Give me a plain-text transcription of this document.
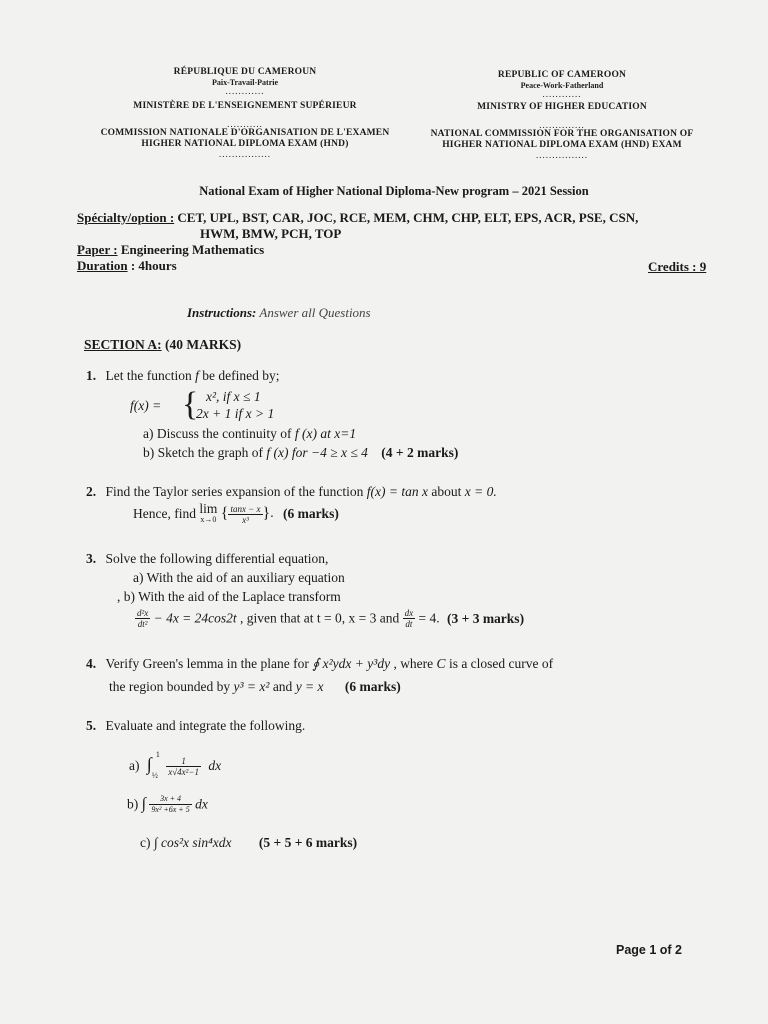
RÉPUBLIQUE DU CAMEROUN
Paix-Travail-Patrie
............
MINISTÈRE DE L'ENSEIGNEMENT SUPÉRIEUR
...........
COMMISSION NATIONALE D'ORGANISATION DE L'EXAMEN
HIGHER NATIONAL DIPLOMA EXAM (HND)
................
REPUBLIC OF CAMEROON
Peace-Work-Fatherland
............
MINISTRY OF HIGHER EDUCATION
..............
NATIONAL COMMISSION FOR THE ORGANISATION OF
HIGHER NATIONAL DIPLOMA EXAM (HND) EXAM
................
National Exam of Higher National Diploma-New program – 2021 Session
Spécialty/option : CET, UPL, BST, CAR, JOC, RCE, MEM, CHM, CHP, ELT, EPS, ACR, PSE, CSN,
HWM, BMW, PCH, TOP
Paper : Engineering Mathematics
Duration : 4hours	Credits : 9
Instructions: Answer all Questions
SECTION A: (40 MARKS)
1. Let the function f be defined by;
f(x) = { x², if x ≤ 1
2x + 1 if x > 1
a) Discuss the continuity of f (x) at x=1
b) Sketch the graph of f (x) for −4 ≥ x ≤ 4 (4 + 2 marks)
2. Find the Taylor series expansion of the function f(x) = tan x about x = 0.
Hence, find lim
x→0 { $\frac{\tan x - x}{\text{x³}}$ }. (6 marks)
3. Solve the following differential equation,
a) With the aid of an auxiliary equation
, b) With the aid of the Laplace transform
$\frac{\text{d²x}}{\text{dt²}} - 4x = 24\cos 2t$ , given that at t = 0, x = 3 and $\frac{dx}{dt} = 4$. (3 + 3 marks)
4. Verify Green's lemma in the plane for ∮ x²ydx + y³dy , where C is a closed curve of
the region bounded by y³ = x² and y = x (6 marks)
5. Evaluate and integrate the following.
a) ∫ 1
½
$\frac{1}{\text{x√4x²−1}}$ dx
b) ∫ $\frac{3x + 4}{\text{9x² +6x + 5}}$ dx
c) ∫ cos²x sin⁴xdx (5 + 5 + 6 marks)
Page 1 of 2
